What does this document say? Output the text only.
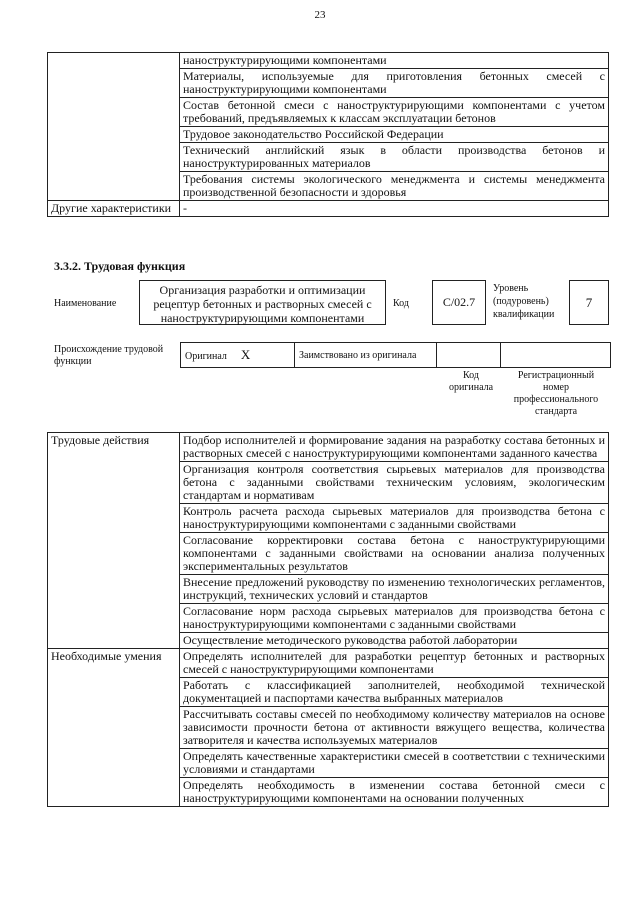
23
	наноструктурирующими компонентами
	Материалы, используемые для приготовления бетонных смесей с наноструктурирующими компонентами
	Состав бетонной смеси с наноструктурирующими компонентами с учетом требований, предъявляемых к классам эксплуатации бетонов
	Трудовое законодательство Российской Федерации
	Технический английский язык в области производства бетонов и наноструктурированных материалов
	Требования системы экологического менеджмента и системы менеджмента производственной безопасности и здоровья
Другие характеристики	-
3.3.2. Трудовая функция
Наименование
Организация разработки и оптимизации рецептур бетонных и растворных смесей с наноструктурирующими компонентами
Код	С/02.7
Уровень (подуровень) квалификации
7
Происхождение трудовой функции	Оригинал X	Заимствовано из оригинала		
Код оригинала
Регистрационный номер профессионального стандарта
Трудовые действия	Подбор исполнителей и формирование задания на разработку состава бетонных и растворных смесей с наноструктурирующими компонентами заданного качества
	Организация контроля соответствия сырьевых материалов для производства бетона с заданными свойствами техническим условиям, экологическим стандартам и нормативам
	Контроль расчета расхода сырьевых материалов для производства бетона с наноструктурирующими компонентами с заданными свойствами
	Согласование корректировки состава бетона с наноструктурирующими компонентами с заданными свойствами на основании анализа полученных экспериментальных результатов
	Внесение предложений руководству по изменению технологических регламентов, инструкций, технических условий и стандартов
	Согласование норм расхода сырьевых материалов для производства бетона с наноструктурирующими компонентами с заданными свойствами
	Осуществление методического руководства работой лаборатории
Необходимые умения	Определять исполнителей для разработки рецептур бетонных и растворных смесей с наноструктурирующими компонентами
	Работать с классификацией заполнителей, необходимой технической документацией и паспортами качества выбранных материалов
	Рассчитывать составы смесей по необходимому количеству материалов на основе зависимости прочности бетона от активности вяжущего вещества, количества затворителя и качества используемых материалов
	Определять качественные характеристики смесей в соответствии с техническими условиями и стандартами
	Определять необходимость в изменении состава бетонной смеси с наноструктурирующими компонентами на основании полученных
